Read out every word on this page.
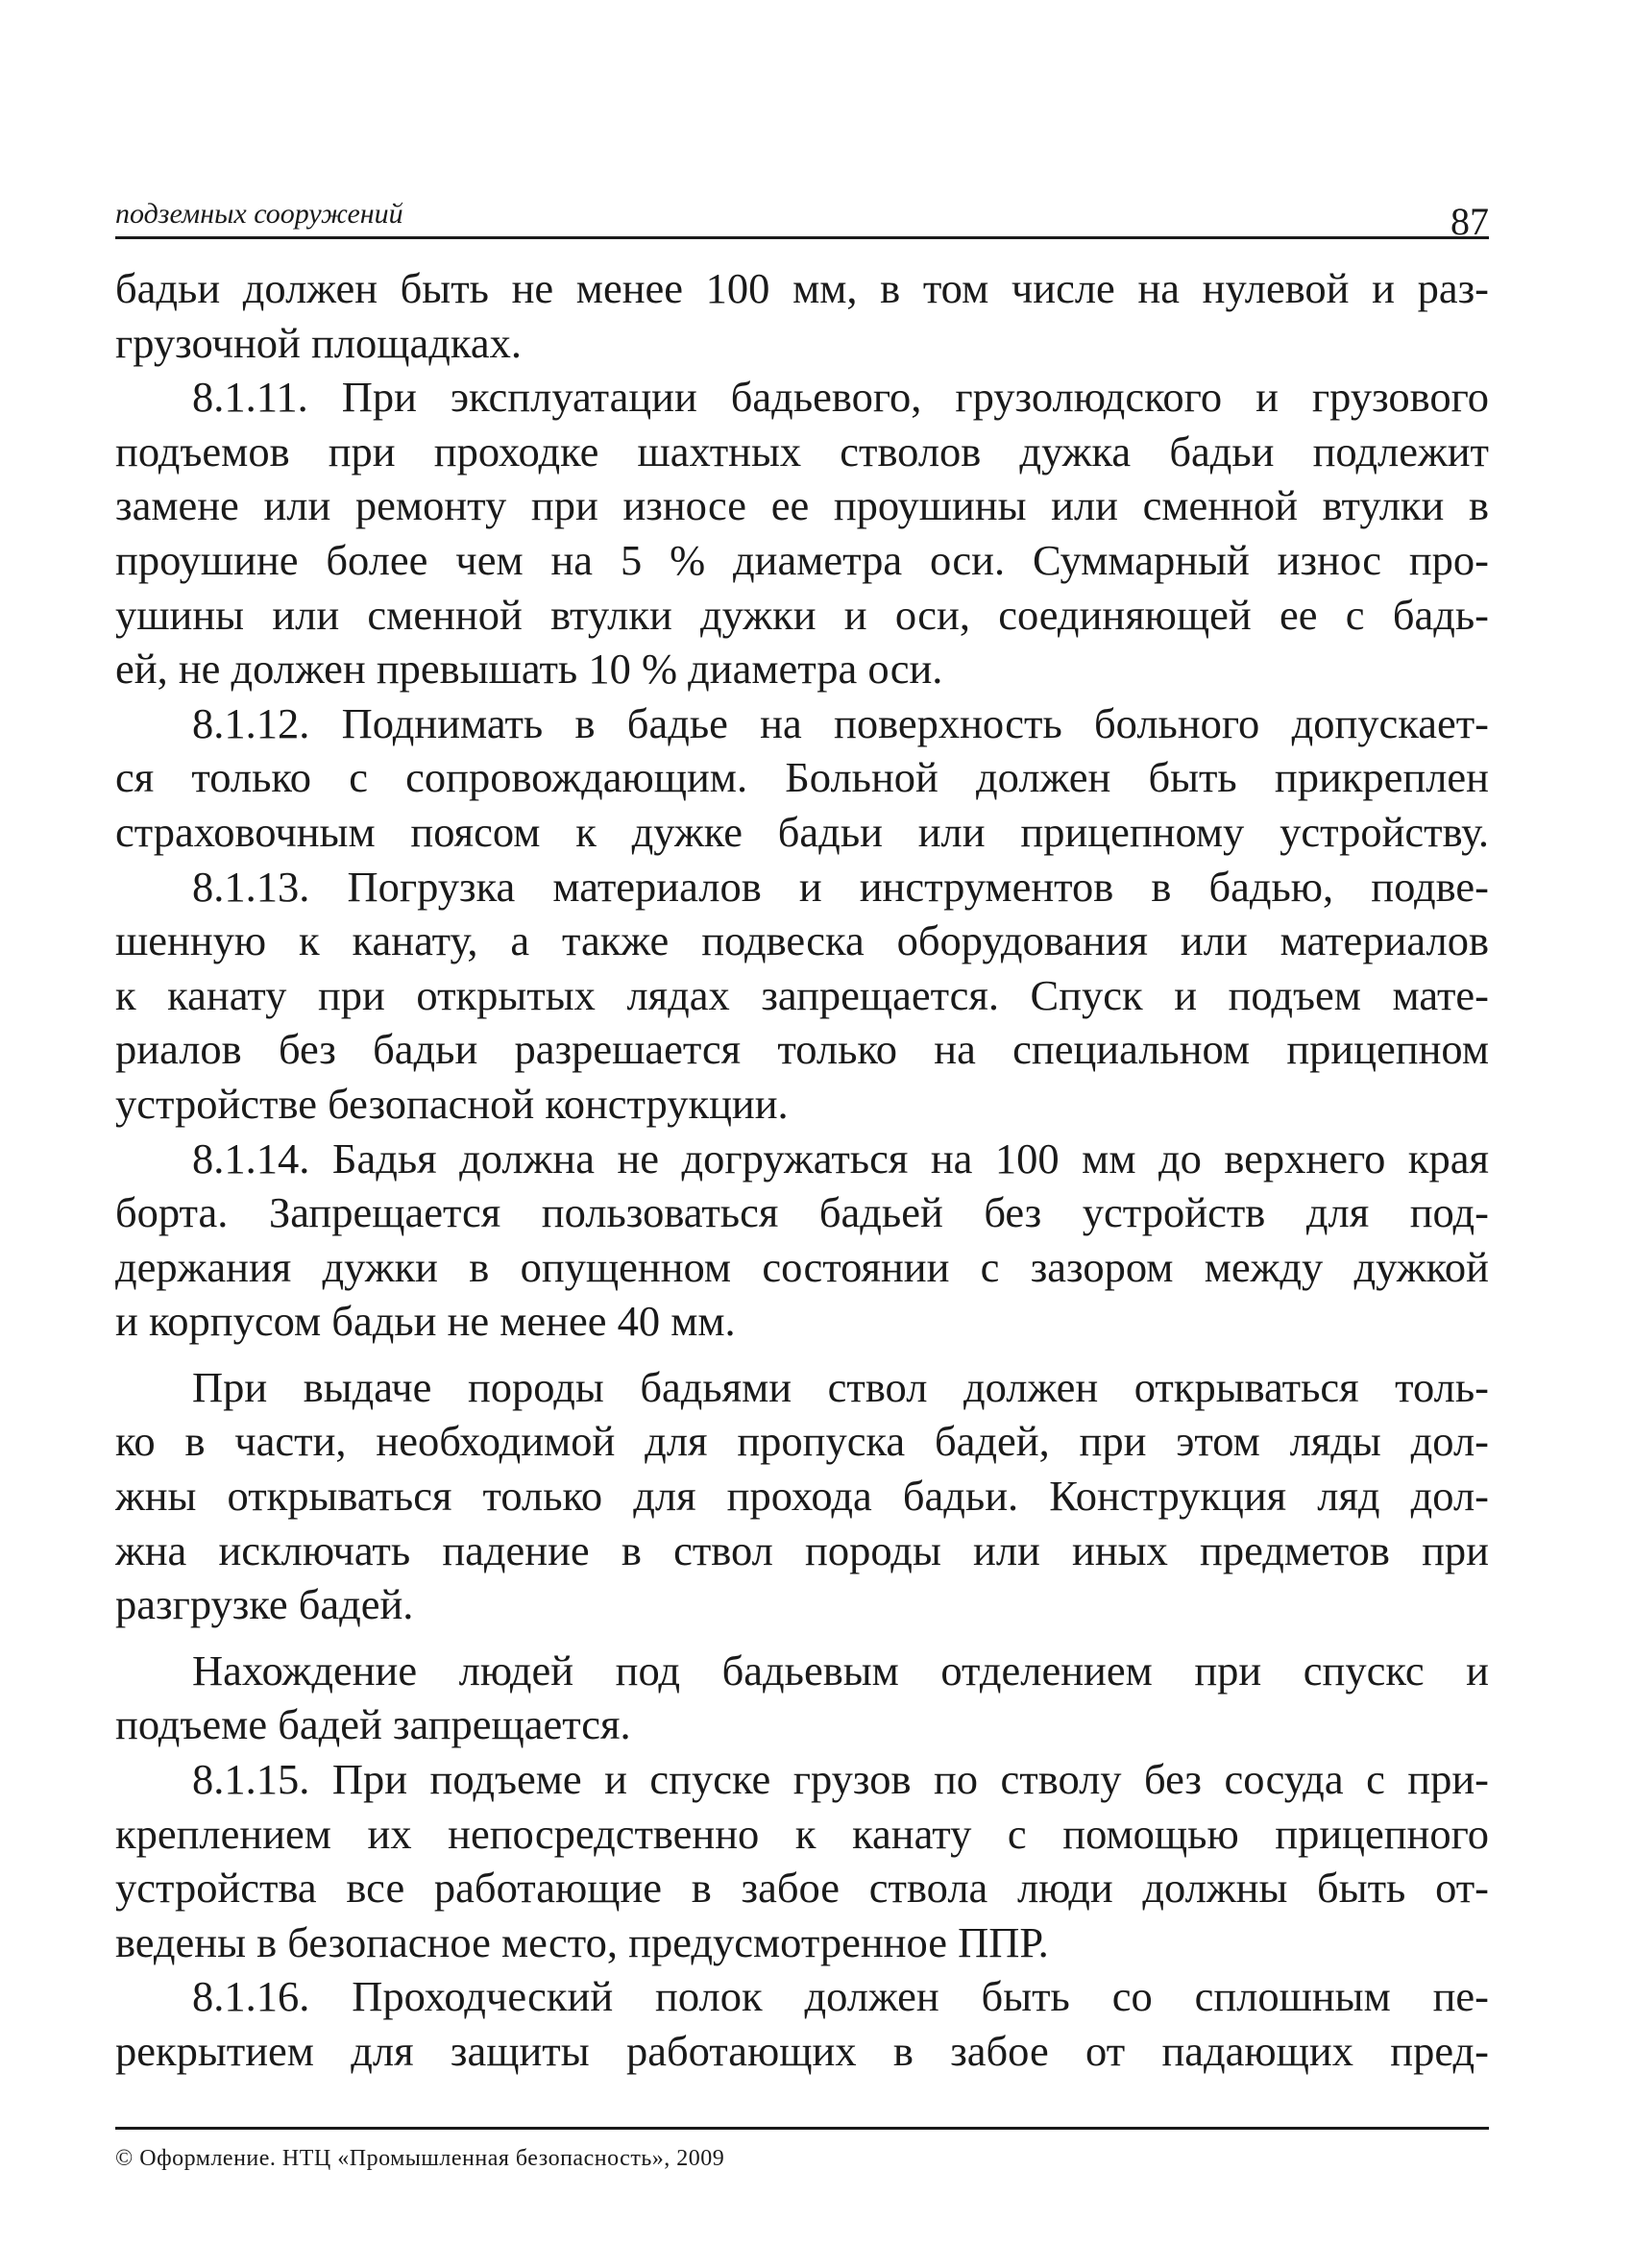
подземных сооружений	87
бадьи должен быть не менее 100 мм, в том числе на нулевой и раз-
грузочной площадках.
8.1.11. При эксплуатации бадьевого, грузолюдского и грузового
подъемов при проходке шахтных стволов дужка бадьи подлежит
замене или ремонту при износе ее проушины или сменной втулки в
проушине более чем на 5 % диаметра оси. Суммарный износ про-
ушины или сменной втулки дужки и оси, соединяющей ее с бадь-
ей, не должен превышать 10 % диаметра оси.
8.1.12. Поднимать в бадье на поверхность больного допускает-
ся только с сопровождающим. Больной должен быть прикреплен
страховочным поясом к дужке бадьи или прицепному устройству.
8.1.13. Погрузка материалов и инструментов в бадью, подве-
шенную к канату, а также подвеска оборудования или материалов
к канату при открытых лядах запрещается. Спуск и подъем мате-
риалов без бадьи разрешается только на специальном прицепном
устройстве безопасной конструкции.
8.1.14. Бадья должна не догружаться на 100 мм до верхнего края
борта. Запрещается пользоваться бадьей без устройств для под-
держания дужки в опущенном состоянии с зазором между дужкой
и корпусом бадьи не менее 40 мм.
При выдаче породы бадьями ствол должен открываться толь-
ко в части, необходимой для пропуска бадей, при этом ляды дол-
жны открываться только для прохода бадьи. Конструкция ляд дол-
жна исключать падение в ствол породы или иных предметов при
разгрузке бадей.
Нахождение людей под бадьевым отделением при спускс и
подъеме бадей запрещается.
8.1.15. При подъеме и спуске грузов по стволу без сосуда с при-
креплением их непосредственно к канату с помощью прицепного
устройства все работающие в забое ствола люди должны быть от-
ведены в безопасное место, предусмотренное ППР.
8.1.16. Проходческий полок должен быть со сплошным пе-
рекрытием для защиты работающих в забое от падающих пред-
© Оформление. НТЦ «Промышленная безопасность», 2009
